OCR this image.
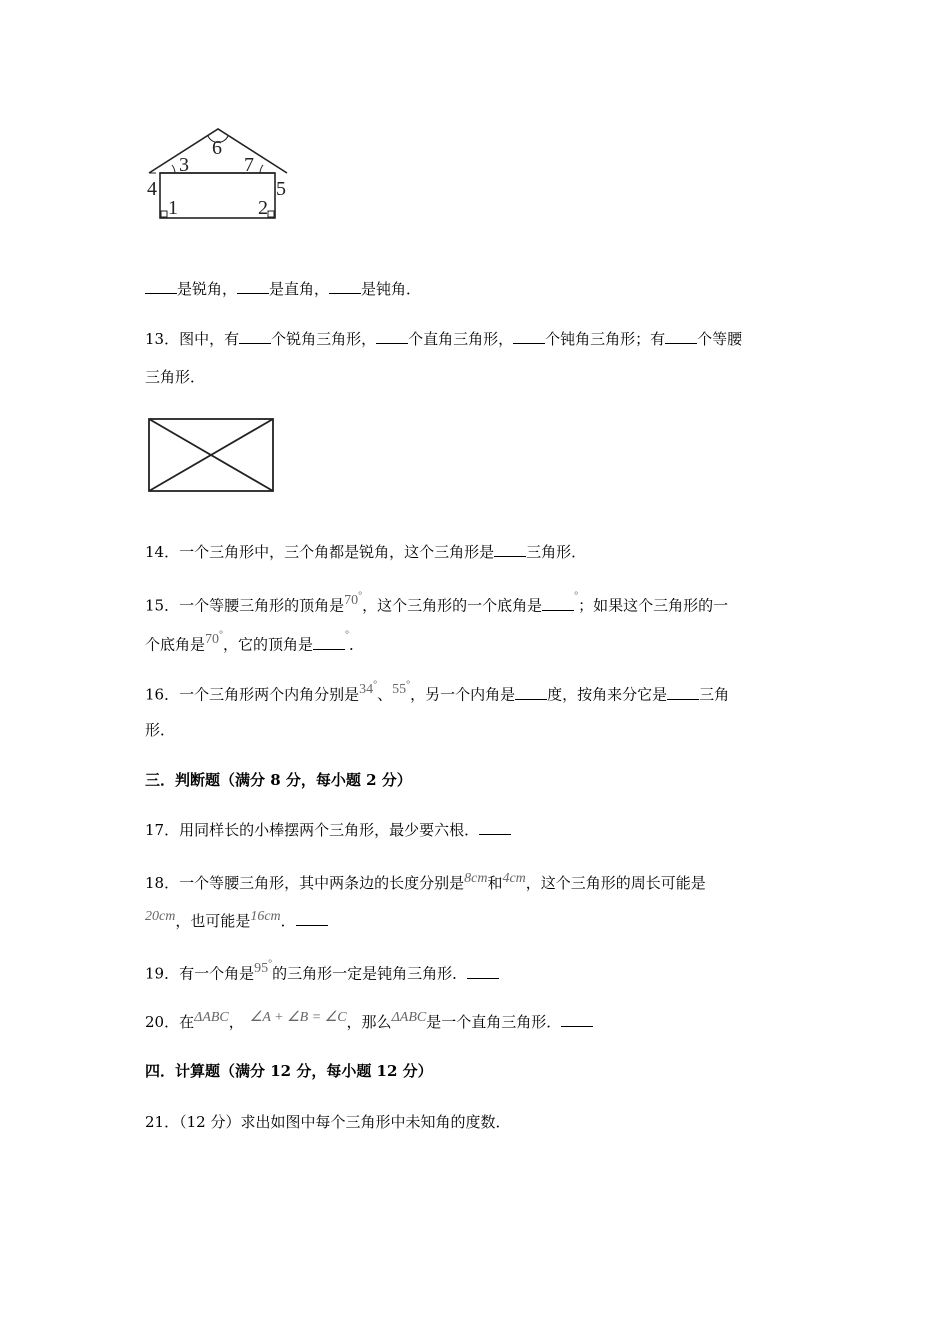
6
3	7
4	5
1	2
是锐角， 是直角， 是钝角．
13．图中，有 个锐角三角形， 个直角三角形， 个钝角三角形；有 个等腰
三角形．
14．一个三角形中，三个角都是锐角，这个三角形是 三角形．
15．一个等腰三角形的顶角是70°，这个三角形的一个底角是°；如果这个三角形的一
个底角是70°，它的顶角是°．
16．一个三角形两个内角分别是34°、55°，另一个内角是 度，按角来分它是 三角
形．
三．判断题（满分 8 分，每小题 2 分）
17．用同样长的小棒摆两个三角形，最少要六根．
18．一个等腰三角形，其中两条边的长度分别是8cm和4cm，这个三角形的周长可能是
20cm，也可能是16cm．
19．有一个角是95°的三角形一定是钝角三角形．
20．在ΔABC， ∠A + ∠B = ∠C，那么ΔABC是一个直角三角形．
四．计算题（满分 12 分，每小题 12 分）
21．（12 分）求出如图中每个三角形中未知角的度数．
